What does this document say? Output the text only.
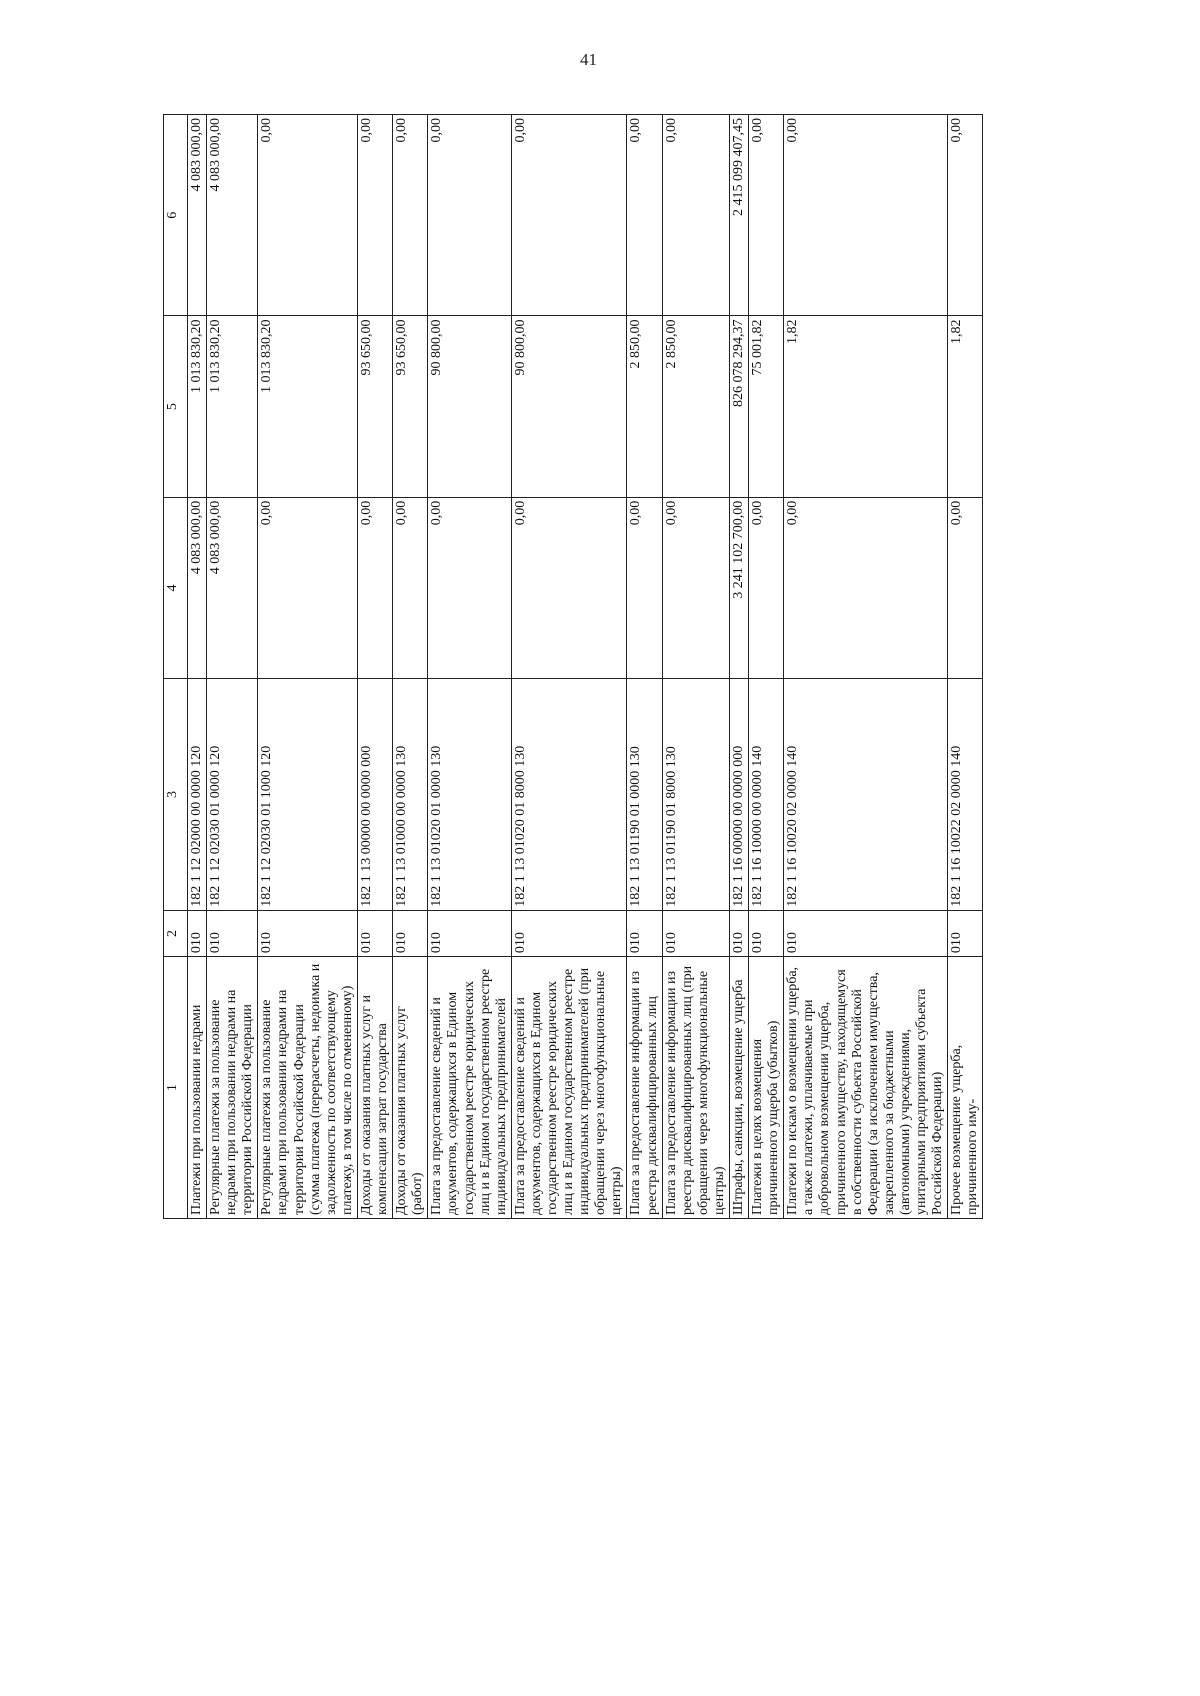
41
1	2	3	4	5	6
Платежи при пользовании недрами	010	182 1 12 02000 00 0000 120	4 083 000,00	1 013 830,20	4 083 000,00
Регулярные платежи за пользование недрами при пользовании недрами на территории Российской Федерации	010	182 1 12 02030 01 0000 120	4 083 000,00	1 013 830,20	4 083 000,00
Регулярные платежи за пользование недрами при пользовании недрами на территории Российской Федерации (сумма платежа (перерасчеты, недоимка и задолженность по соответствующему платежу, в том числе по отмененному)	010	182 1 12 02030 01 1000 120	0,00	1 013 830,20	0,00
Доходы от оказания платных услуг и компенсации затрат государства	010	182 1 13 00000 00 0000 000	0,00	93 650,00	0,00
Доходы от оказания платных услуг (работ)	010	182 1 13 01000 00 0000 130	0,00	93 650,00	0,00
Плата за предоставление сведений и документов, содержащихся в Едином государственном реестре юридических лиц и в Едином государственном реестре индивидуальных предпринимателей	010	182 1 13 01020 01 0000 130	0,00	90 800,00	0,00
Плата за предоставление сведений и документов, содержащихся в Едином государственном реестре юридических лиц и в Едином государственном реестре индивидуальных предпринимателей (при обращении через многофункциональные центры)	010	182 1 13 01020 01 8000 130	0,00	90 800,00	0,00
Плата за предоставление информации из реестра дисквалифицированных лиц	010	182 1 13 01190 01 0000 130	0,00	2 850,00	0,00
Плата за предоставление информации из реестра дисквалифицированных лиц (при обращении через многофункциональные центры)	010	182 1 13 01190 01 8000 130	0,00	2 850,00	0,00
Штрафы, санкции, возмещение ущерба	010	182 1 16 00000 00 0000 000	3 241 102 700,00	826 078 294,37	2 415 099 407,45
Платежи в целях возмещения причиненного ущерба (убытков)	010	182 1 16 10000 00 0000 140	0,00	75 001,82	0,00
Платежи по искам о возмещении ущерба, а также платежи, уплачиваемые при добровольном возмещении ущерба, причиненного имуществу, находящемуся в собственности субъекта Российской Федерации (за исключением имущества, закрепленного за бюджетными (автономными) учреждениями, унитарными предприятиями субъекта Российской Федерации)	010	182 1 16 10020 02 0000 140	0,00	1,82	0,00
Прочее возмещение ущерба, причиненного иму-	010	182 1 16 10022 02 0000 140	0,00	1,82	0,00
